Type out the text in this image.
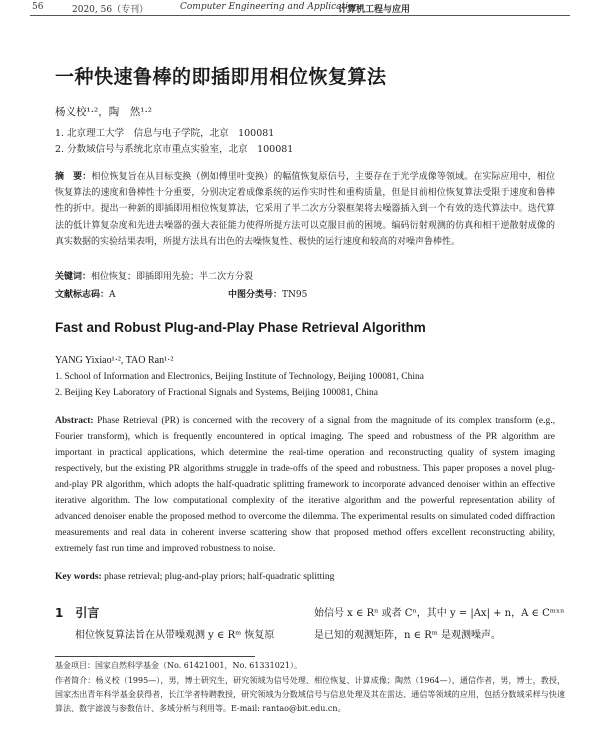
56	2020, 56（专刊）	Computer Engineering and Applications
计算机工程与应用
一种快速鲁棒的即插即用相位恢复算法
杨义校¹·²，陶　然¹·²
1. 北京理工大学　信息与电子学院，北京　100081
2. 分数域信号与系统北京市重点实验室，北京　100081
摘　要：相位恢复旨在从目标变换（例如傅里叶变换）的幅值恢复原信号，主要存在于光学成像等领域。在实际应用中，相位恢复算法的速度和鲁棒性十分重要，分别决定着成像系统的运作实时性和重构质量，但是目前相位恢复算法受限于速度和鲁棒性的折中。提出一种新的即插即用相位恢复算法，它采用了半二次方分裂框架将去噪器插入到一个有效的迭代算法中。迭代算法的低计算复杂度和先进去噪器的强大表征能力使得所提方法可以克服目前的困境。编码衍射观测的仿真和相干逆散射成像的真实数据的实验结果表明，所提方法具有出色的去噪恢复性、极快的运行速度和较高的对噪声鲁棒性。
关键词：相位恢复；即插即用先验；半二次方分裂
文献标志码：A	中图分类号：TN95
Fast and Robust Plug-and-Play Phase Retrieval Algorithm
YANG Yixiao¹·², TAO Ran¹·²
1. School of Information and Electronics, Beijing Institute of Technology, Beijing 100081, China
2. Beijing Key Laboratory of Fractional Signals and Systems, Beijing 100081, China
Abstract: Phase Retrieval (PR) is concerned with the recovery of a signal from the magnitude of its complex transform (e.g., Fourier transform), which is frequently encountered in optical imaging. The speed and robustness of the PR algorithm are important in practical applications, which determine the real-time operation and reconstructing quality of system imaging respectively, but the existing PR algorithms struggle in trade-offs of the speed and robustness. This paper proposes a novel plug-and-play PR algorithm, which adopts the half-quadratic splitting framework to incorporate advanced denoiser within an effective iterative algorithm. The low computational complexity of the iterative algorithm and the powerful representation ability of advanced denoiser enable the proposed method to overcome the dilemma. The experimental results on simulated coded diffraction measurements and real data in coherent inverse scattering show that proposed method offers excellent reconstructing ability, extremely fast run time and improved robustness to noise.
Key words: phase retrieval; plug-and-play priors; half-quadratic splitting
1　引言
相位恢复算法旨在从带噪观测 y ∈ Rᵐ 恢复原
始信号 x ∈ Rⁿ 或者 Cⁿ，其中 y = |Ax| + n，A ∈ Cᵐˣⁿ
是已知的观测矩阵，n ∈ Rᵐ 是观测噪声。
基金项目：国家自然科学基金（No. 61421001，No. 61331021）。
作者简介：杨义校（1995—），男，博士研究生，研究领域为信号处理、相位恢复、计算成像；陶然（1964—），通信作者，男，博士，教授，国家杰出青年科学基金获得者，长江学者特聘教授，研究领域为分数域信号与信息处理及其在雷达、通信等领域的应用，包括分数域采样与快速算法、数字滤波与参数估计、多域分析与利用等。E-mail: rantao@bit.edu.cn。
